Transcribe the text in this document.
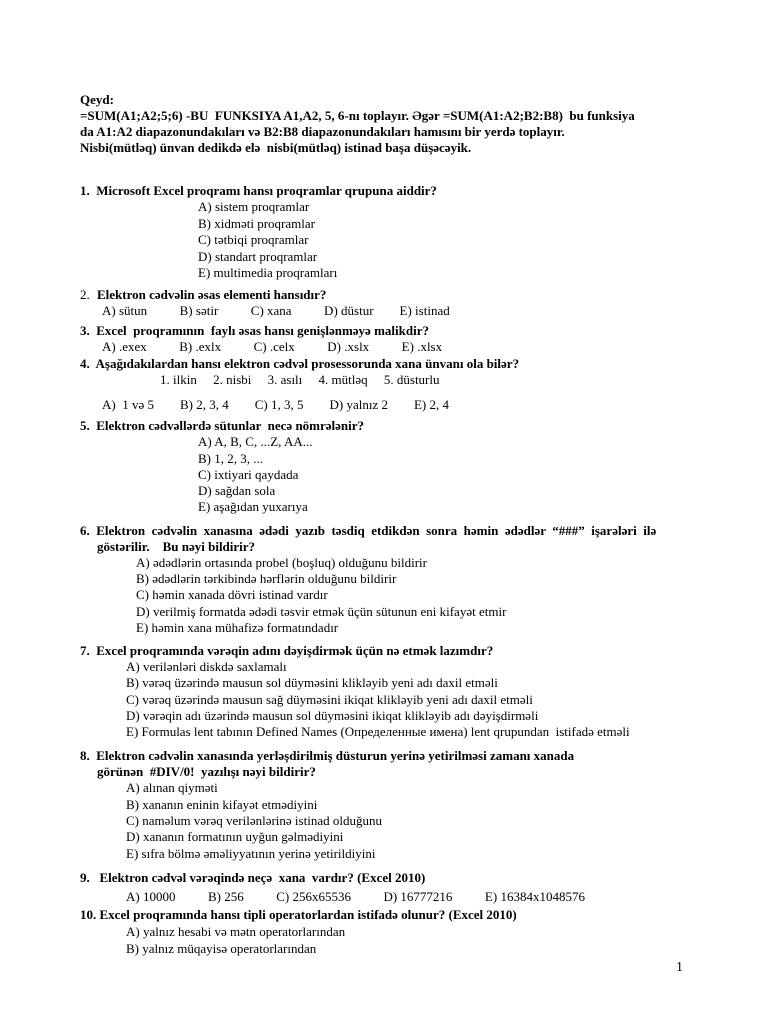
Qeyd:
=SUM(A1;A2;5;6) -BU  FUNKSIYA A1,A2, 5, 6-nı toplayır. Əgər =SUM(A1:A2;B2:B8)  bu funksiya
da A1:A2 diapazonundakıları və B2:B8 diapazonundakıları hamısını bir yerdə toplayır.
Nisbi(mütləq) ünvan dedikdə elə  nisbi(mütləq) istinad başa düşəcəyik.
1.  Microsoft Excel proqramı hansı proqramlar qrupuna aiddir?
A) sistem proqramlar
B) xidməti proqramlar
C) tətbiqi proqramlar
D) standart proqramlar
E) multimedia proqramları
2. Elektron cədvəlin əsas elementi hansıdır?
A) sütun          B) sətir          C) xana          D) düstur        E) istinad
3.  Excel  proqramının  faylı əsas hansı genişlənməyə malikdir?
A) .exex          B) .exlx          C) .celx          D) .xslx          E) .xlsx
4.  Aşağıdakılardan hansı elektron cədvəl prosessorunda xana ünvanı ola bilər?
1. ilkin     2. nisbi     3. asılı     4. mütləq     5. düsturlu
A)  1 və 5        B) 2, 3, 4        C) 1, 3, 5        D) yalnız 2        E) 2, 4
5.  Elektron cədvəllərdə sütunlar  necə nömrələnir?
A) A, B, C, ...Z, AA...
B) 1, 2, 3, ...
C) ixtiyari qaydada
D) sağdan sola
E) aşağıdan yuxarıya
6.  Elektron  cədvəlin  xanasına  ədədi  yazıb  təsdiq  etdikdən  sonra  həmin  ədədlər  “###”  işarələri  ilə
göstərilir.    Bu nəyi bildirir?
A) ədədlərin ortasında probel (boşluq) olduğunu bildirir
B) ədədlərin tərkibində hərflərin olduğunu bildirir
C) həmin xanada dövri istinad vardır
D) verilmiş formatda ədədi təsvir etmək üçün sütunun eni kifayət etmir
E) həmin xana mühafizə formatındadır
7.  Excel proqramında vərəqin adını dəyişdirmək üçün nə etmək lazımdır?
A) verilənləri diskdə saxlamalı
B) vərəq üzərində mausun sol düyməsini klikləyib yeni adı daxil etməli
C) vərəq üzərində mausun sağ düyməsini ikiqat klikləyib yeni adı daxil etməli
D) vərəqin adı üzərində mausun sol düyməsini ikiqat klikləyib adı dəyişdirməli
E) Formulas lent tabının Defined Names (Определенные имена) lent qrupundan  istifadə etməli
8.  Elektron cədvəlin xanasında yerləşdirilmiş düsturun yerinə yetirilməsi zamanı xanada
görünən  #DIV/0!  yazılışı nəyi bildirir?
A) alınan qiyməti
B) xananın eninin kifayət etmədiyini
C) naməlum vərəq verilənlərinə istinad olduğunu
D) xananın formatının uyğun gəlmədiyini
E) sıfra bölmə əməliyyatının yerinə yetirildiyini
9.   Elektron cədvəl vərəqində neçə  xana  vardır? (Excel 2010)
A) 10000          B) 256          C) 256x65536          D) 16777216          E) 16384x1048576
10. Excel proqramında hansı tipli operatorlardan istifadə olunur? (Excel 2010)
A) yalnız hesabi və mətn operatorlarından
B) yalnız müqayisə operatorlarından
1
